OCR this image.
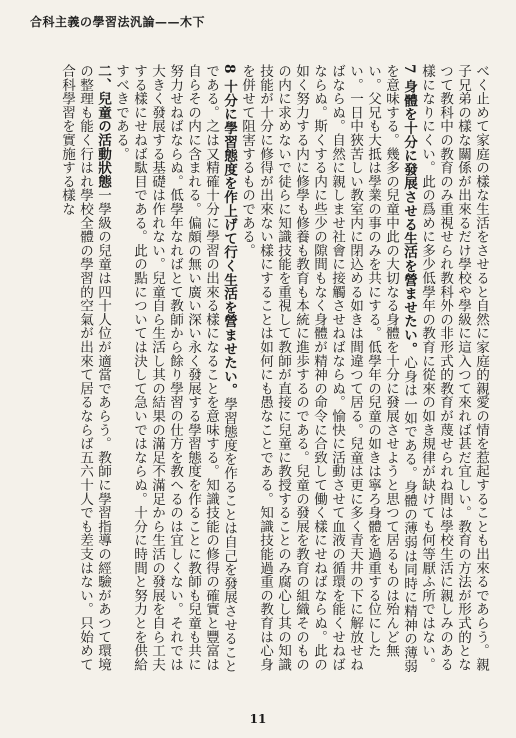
合科主義の學習法汎論——木下

べく止めて家庭の樣な生活をさせると自然に家庭的親愛の情を惹起することも出來るであらう。親子兄弟の樣な關係が出來るだけ學校や學級に這入つて來れば甚だ宜しい。教育の方法が形式的となつて教科中の教育のみ重視せられ教科外の非形式的教育が蔑せられね間は學校生活に親しみのある樣になりにくい。此の爲めに多少低學年の教育に從來の如き規律が缺けても何等厭ふ所ではない。

7身體を十分に發展させる生活を營ませたい。心身は一如である。身體の薄弱は同時に精神の薄弱を意味する。幾多の兒童中此の大切なる身體を十分に發展させようと思つて居るものは殆んど無い。父兄も大抵は學業の事のみを共にする。低學年の兒童の如きは寧ろ身體を過重する位にしたい。一日中狹苦しい教室内に閉込める如きは間違つて居る。兒童は更に多く青天井の下に解放せねばならぬ。自然に親しませ社會に接觸させねばならぬ。愉快に活動させて血液の循環を能くせねばならぬ。斯くする内に些少の隙間もなく身體が精神の命令に合致して働く樣にせねばならぬ。此の如く努力する内に修學も修養も教育も本統に進歩するのである。兒童の發展を教育の組織そのものの内に求めないで徒らに知識技能を重視して教師が直接に兒童に教授することのみ腐心し其の知識技能が十分に修得が出來ない樣にすることは如何にも愚なことである。知識技能過重の教育は心身を併せて阻害するものである。

8十分に學習態度を作上げて行く生活を營ませたい。學習態度を作ることは自己を發展させることである。之は又精確十分に學習の出來る樣になることを意味する。知識技能の修得の確實と豐富は自らその内に含まれる。偏頗の無い廣い深い永く發展する學習態度を作ることに教師も兒童も共に努力せねばならぬ。低學年なればとて教師から餘り學習の仕方を教へるのは宜しくない。それでは大きく發展する基礎は作れない。兒童自ら生活し其の結果の滿足不滿足から生活の發展を自ら工夫する樣にせねば駄目である。此の點については決して急いではならぬ。十分に時間と努力とを供給すべきである。

二、兒童の活動狀態一學級の兒童は四十人位が適當であらう。教師に學習指導の經驗があつて環境の整理も能く行はれ學校全體の學習的空氣が出來て居るならば五六十人でも差支はない。只始めて合科學習を實施する樣な

11
